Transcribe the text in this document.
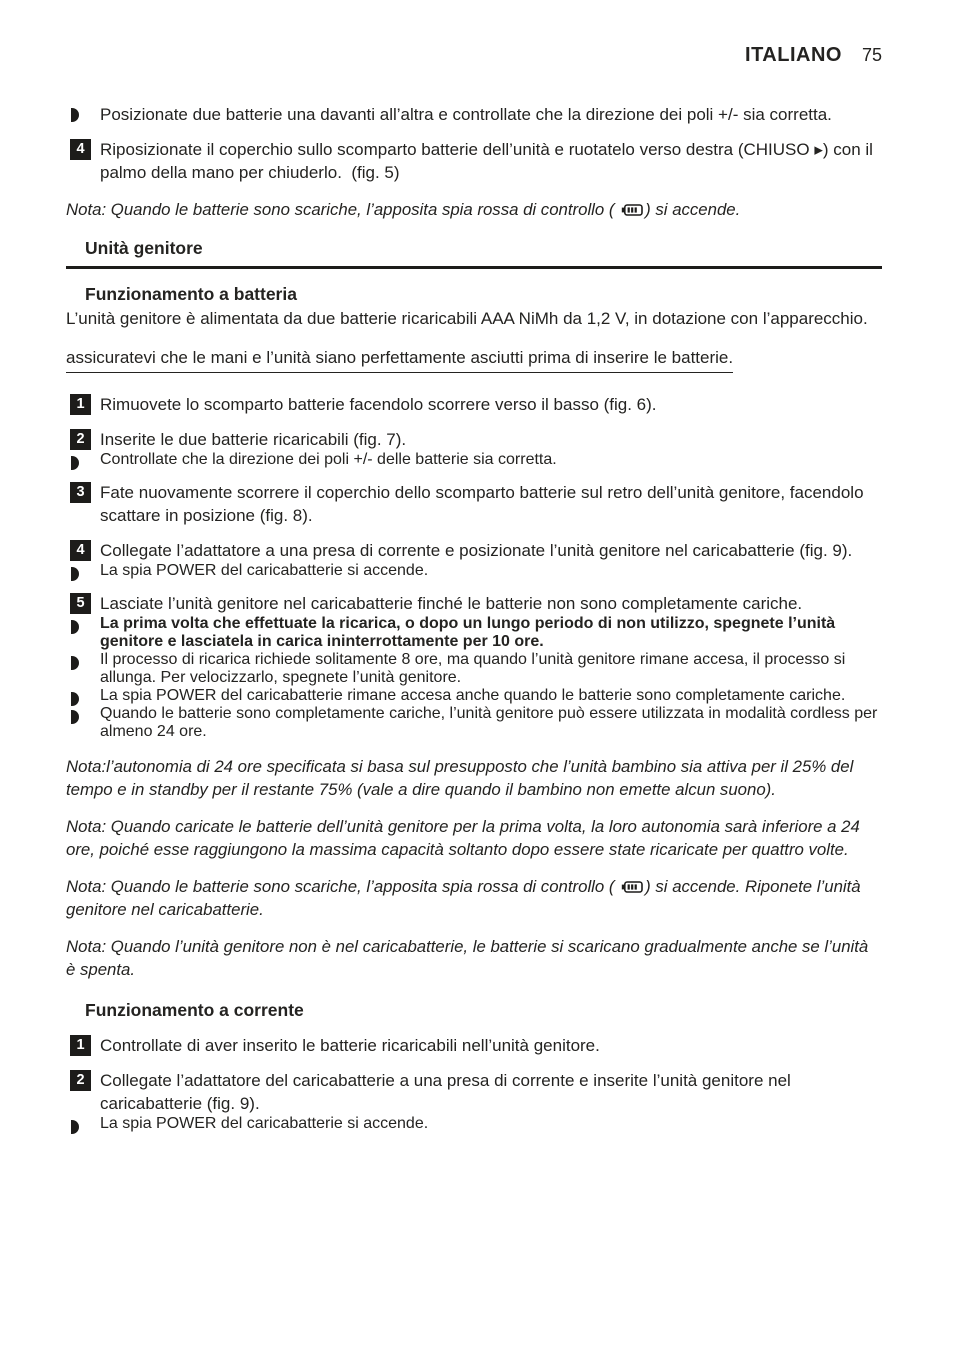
ITALIANO 75
Posizionate due batterie una davanti all’altra e controllate che la direzione dei poli +/- sia corretta.
4 Riposizionate il coperchio sullo scomparto batterie dell’unità e ruotatelo verso destra (CHIUSO ▸) con il palmo della mano per chiuderlo.  (fig. 5)

Nota: Quando le batterie sono scariche, l’apposita spia rossa di controllo ( ) si accende.

Unità genitore
Funzionamento a batteria

L’unità genitore è alimentata da due batterie ricaricabili AAA NiMh da 1,2 V, in dotazione con l’apparecchio.

assicuratevi che le mani e l’unità siano perfettamente asciutti prima di inserire le batterie.

1 Rimuovete lo scomparto batterie facendolo scorrere verso il basso (fig. 6).
2 Inserite le due batterie ricaricabili (fig. 7).
Controllate che la direzione dei poli +/- delle batterie sia corretta.
3 Fate nuovamente scorrere il coperchio dello scomparto batterie sul retro dell’unità genitore, facendolo scattare in posizione (fig. 8).
4 Collegate l’adattatore a una presa di corrente e posizionate l’unità genitore nel caricabatterie (fig. 9).
La spia POWER del caricabatterie si accende.
5 Lasciate l’unità genitore nel caricabatterie finché le batterie non sono completamente cariche.
La prima volta che effettuate la ricarica, o dopo un lungo periodo di non utilizzo, spegnete l’unità genitore e lasciatela in carica ininterrottamente per 10 ore.
Il processo di ricarica richiede solitamente 8 ore, ma quando l’unità genitore rimane accesa, il processo si allunga. Per velocizzarlo, spegnete l’unità genitore.
La spia POWER del caricabatterie rimane accesa anche quando le batterie sono completamente cariche.
Quando le batterie sono completamente cariche, l’unità genitore può essere utilizzata in modalità cordless per almeno 24 ore.

Nota:l’autonomia di 24 ore specificata si basa sul presupposto che l’unità bambino sia attiva per il 25% del tempo e in standby per il restante 75% (vale a dire quando il bambino non emette alcun suono).

Nota: Quando caricate le batterie dell’unità genitore per la prima volta, la loro autonomia sarà inferiore a 24 ore, poiché esse raggiungono la massima capacità soltanto dopo essere state ricaricate per quattro volte.

Nota: Quando le batterie sono scariche, l’apposita spia rossa di controllo ( ) si accende. Riponete l’unità genitore nel caricabatterie.

Nota: Quando l’unità genitore non è nel caricabatterie, le batterie si scaricano gradualmente anche se l’unità è spenta.

Funzionamento a corrente
1 Controllate di aver inserito le batterie ricaricabili nell’unità genitore.
2 Collegate l’adattatore del caricabatterie a una presa di corrente e inserite l’unità genitore nel caricabatterie (fig. 9).
La spia POWER del caricabatterie si accende.
